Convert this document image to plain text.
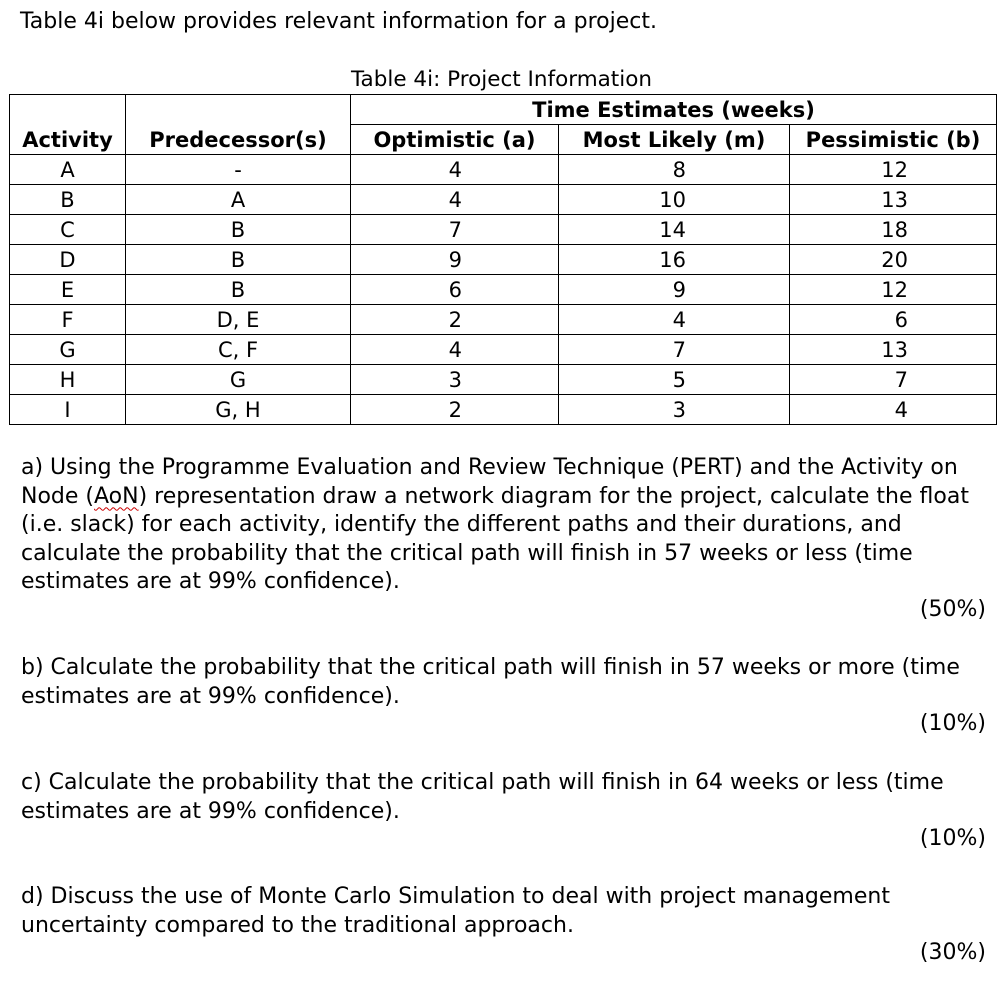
Table 4i below provides relevant information for a project.

Table 4i: Project Information

Activity	Predecessor(s)	Time Estimates (weeks)		
		Optimistic (a)	Most Likely (m)	Pessimistic (b)
A	-	4	8	12
B	A	4	10	13
C	B	7	14	18
D	B	9	16	20
E	B	6	9	12
F	D, E	2	4	6
G	C, F	4	7	13
H	G	3	5	7
I	G, H	2	3	4

a) Using the Programme Evaluation and Review Technique (PERT) and the Activity on Node (AoN) representation draw a network diagram for the project, calculate the float (i.e. slack) for each activity, identify the different paths and their durations, and calculate the probability that the critical path will finish in 57 weeks or less (time estimates are at 99% confidence).

(50%)

b) Calculate the probability that the critical path will finish in 57 weeks or more (time estimates are at 99% confidence).

(10%)

c) Calculate the probability that the critical path will finish in 64 weeks or less (time estimates are at 99% confidence).

(10%)

d) Discuss the use of Monte Carlo Simulation to deal with project management uncertainty compared to the traditional approach.

(30%)
